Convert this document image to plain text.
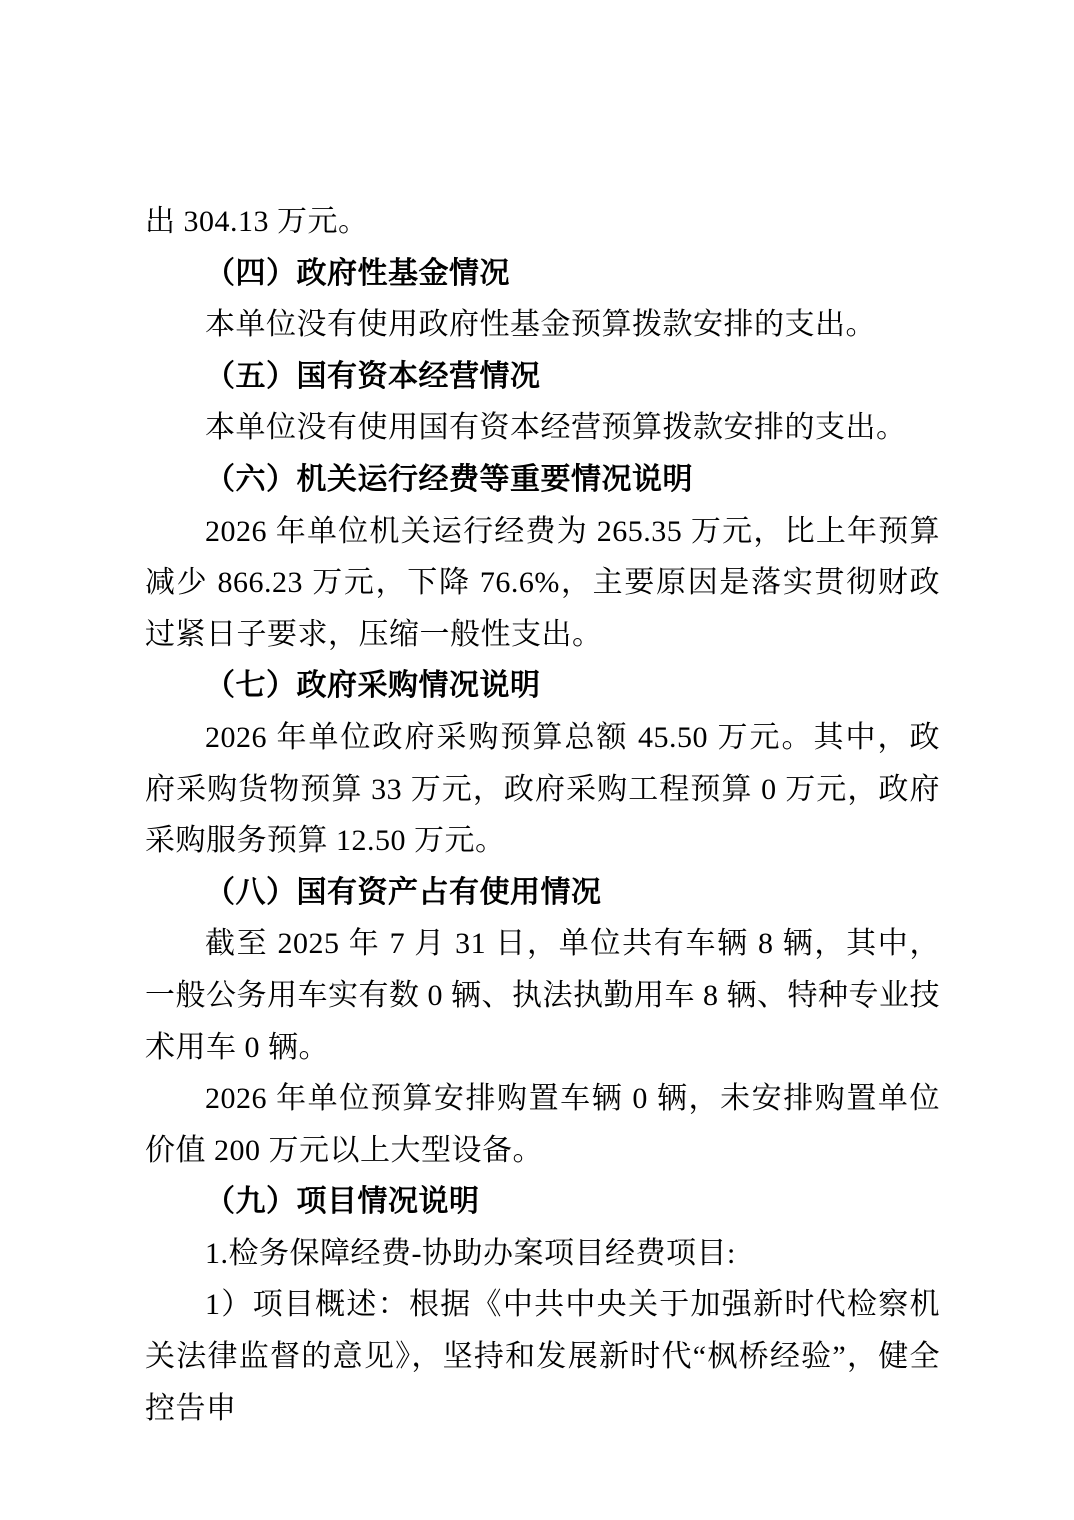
出 304.13 万元。

（四）政府性基金情况

本单位没有使用政府性基金预算拨款安排的支出。

（五）国有资本经营情况

本单位没有使用国有资本经营预算拨款安排的支出。

（六）机关运行经费等重要情况说明

2026 年单位机关运行经费为 265.35 万元，比上年预算减少 866.23 万元，下降 76.6%，主要原因是落实贯彻财政过紧日子要求，压缩一般性支出。

（七）政府采购情况说明

2026 年单位政府采购预算总额 45.50 万元。其中，政府采购货物预算 33 万元，政府采购工程预算 0 万元，政府采购服务预算 12.50 万元。

（八）国有资产占有使用情况

截至 2025 年 7 月 31 日，单位共有车辆 8 辆，其中，一般公务用车实有数 0 辆、执法执勤用车 8 辆、特种专业技术用车 0 辆。

2026 年单位预算安排购置车辆 0 辆，未安排购置单位价值 200 万元以上大型设备。

（九）项目情况说明

1.检务保障经费-协助办案项目经费项目:

1）项目概述：根据《中共中央关于加强新时代检察机关法律监督的意见》，坚持和发展新时代“枫桥经验”，健全控告申
